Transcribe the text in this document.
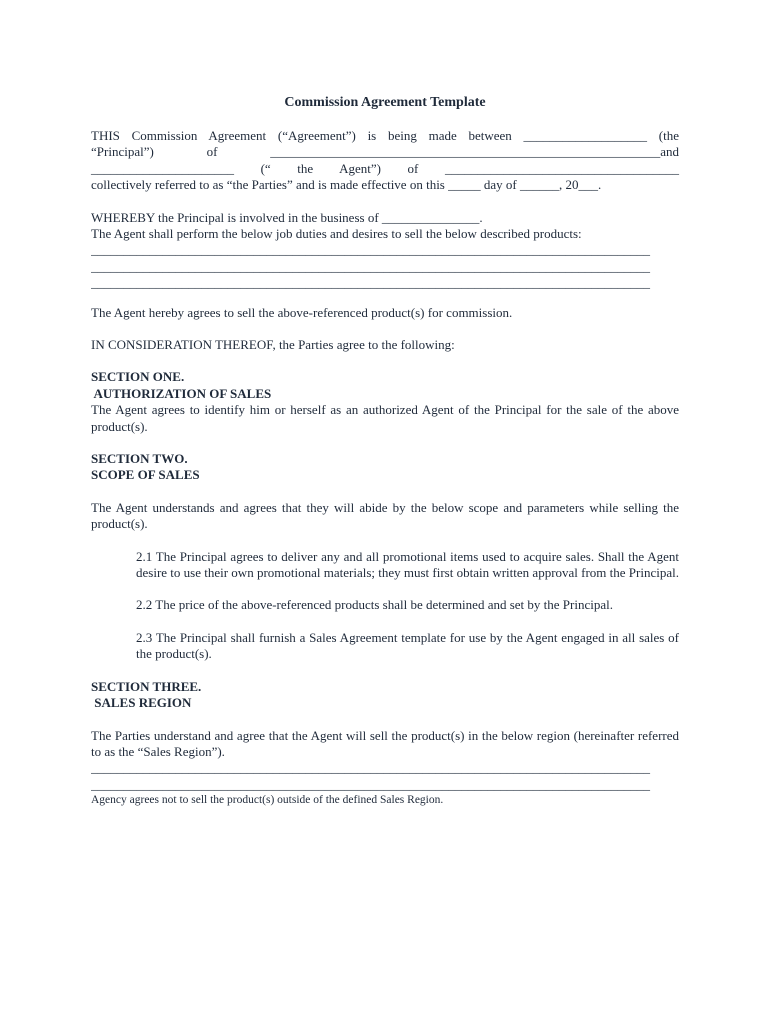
Commission Agreement Template

THIS Commission Agreement (“Agreement”) is being made between ___________________ (the

“Principal”) of ____________________________________________________________and

______________________ (“ the Agent”) of ____________________________________

collectively referred to as “the Parties” and is made effective on this _____ day of ______, 20___.

WHEREBY the Principal is involved in the business of _______________.

The Agent shall perform the below job duties and desires to sell the below described products:

______________________________________________________________________________________
______________________________________________________________________________________
______________________________________________________________________________________

The Agent hereby agrees to sell the above-referenced product(s) for commission.

IN CONSIDERATION THEREOF, the Parties agree to the following:

SECTION ONE.

AUTHORIZATION OF SALES

The Agent agrees to identify him or herself as an authorized Agent of the Principal for the sale of the above product(s).

SECTION TWO.

SCOPE OF SALES

The Agent understands and agrees that they will abide by the below scope and parameters while selling the product(s).

2.1 The Principal agrees to deliver any and all promotional items used to acquire sales. Shall the Agent desire to use their own promotional materials; they must first obtain written approval from the Principal.

2.2 The price of the above-referenced products shall be determined and set by the Principal.

2.3 The Principal shall furnish a Sales Agreement template for use by the Agent engaged in all sales of the product(s).

SECTION THREE.

SALES REGION

The Parties understand and agree that the Agent will sell the product(s) in the below region (hereinafter referred to as the “Sales Region”).

______________________________________________________________________________________
______________________________________________________________________________________

Agency agrees not to sell the product(s) outside of the defined Sales Region.
